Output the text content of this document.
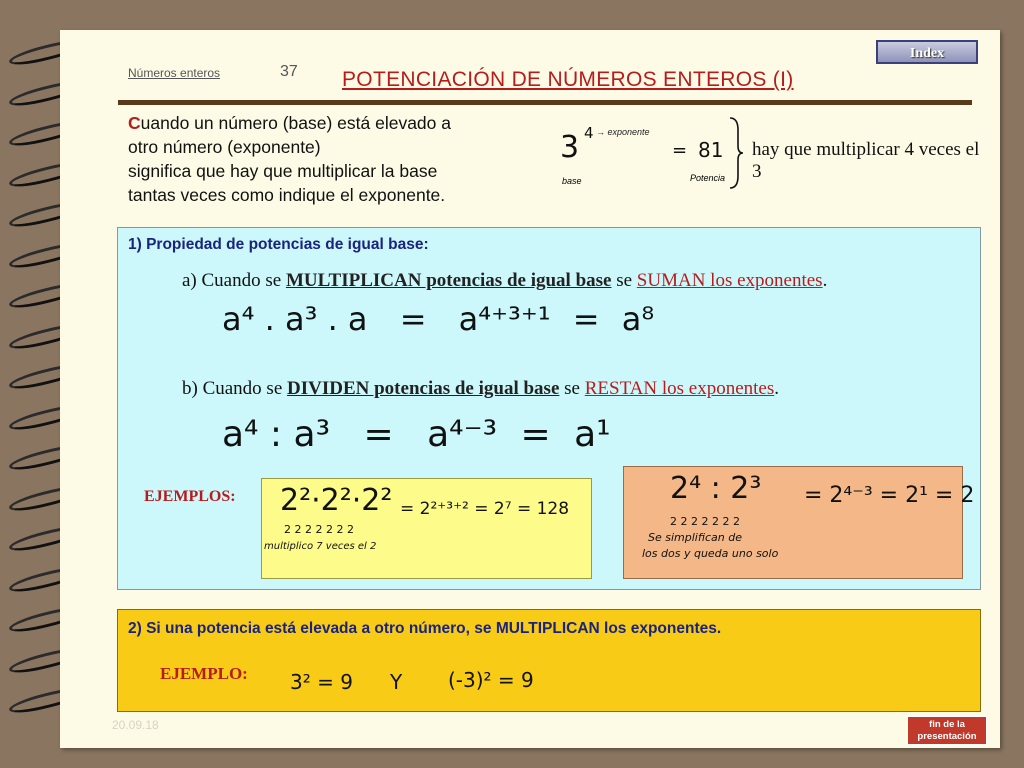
Index
Números enteros	37 POTENCIACIÓN DE NÚMEROS ENTEROS (I)
Cuando un número (base) está elevado a
otro número (exponente)
significa que hay que multiplicar la base
tantas veces como indique el exponente.
3 4 → exponente
= 81
base	Potencia
hay que multiplicar 4 veces el 3
1) Propiedad de potencias de igual base:
a) Cuando se MULTIPLICAN potencias de igual base se SUMAN los exponentes.
a⁴ . a³ . a = a⁴⁺³⁺¹ = a⁸
b) Cuando se DIVIDEN potencias de igual base se RESTAN los exponentes.
a⁴ : a³ = a⁴⁻³ = a¹
EJEMPLOS: 2²·2²·2² = 2²⁺³⁺² = 2⁷ = 128
2 2 2 2 2 2 2
multiplico 7 veces el 2
2⁴ : 2³ = 2⁴⁻³ = 2¹ = 2
2 2 2 2 2 2 2
Se simplifican de
los dos y queda uno solo
2) Si una potencia está elevada a otro número, se MULTIPLICAN los exponentes.
EJEMPLO: 3² = 9 Y (-3)² = 9
20.09.18	fin de la
presentación
